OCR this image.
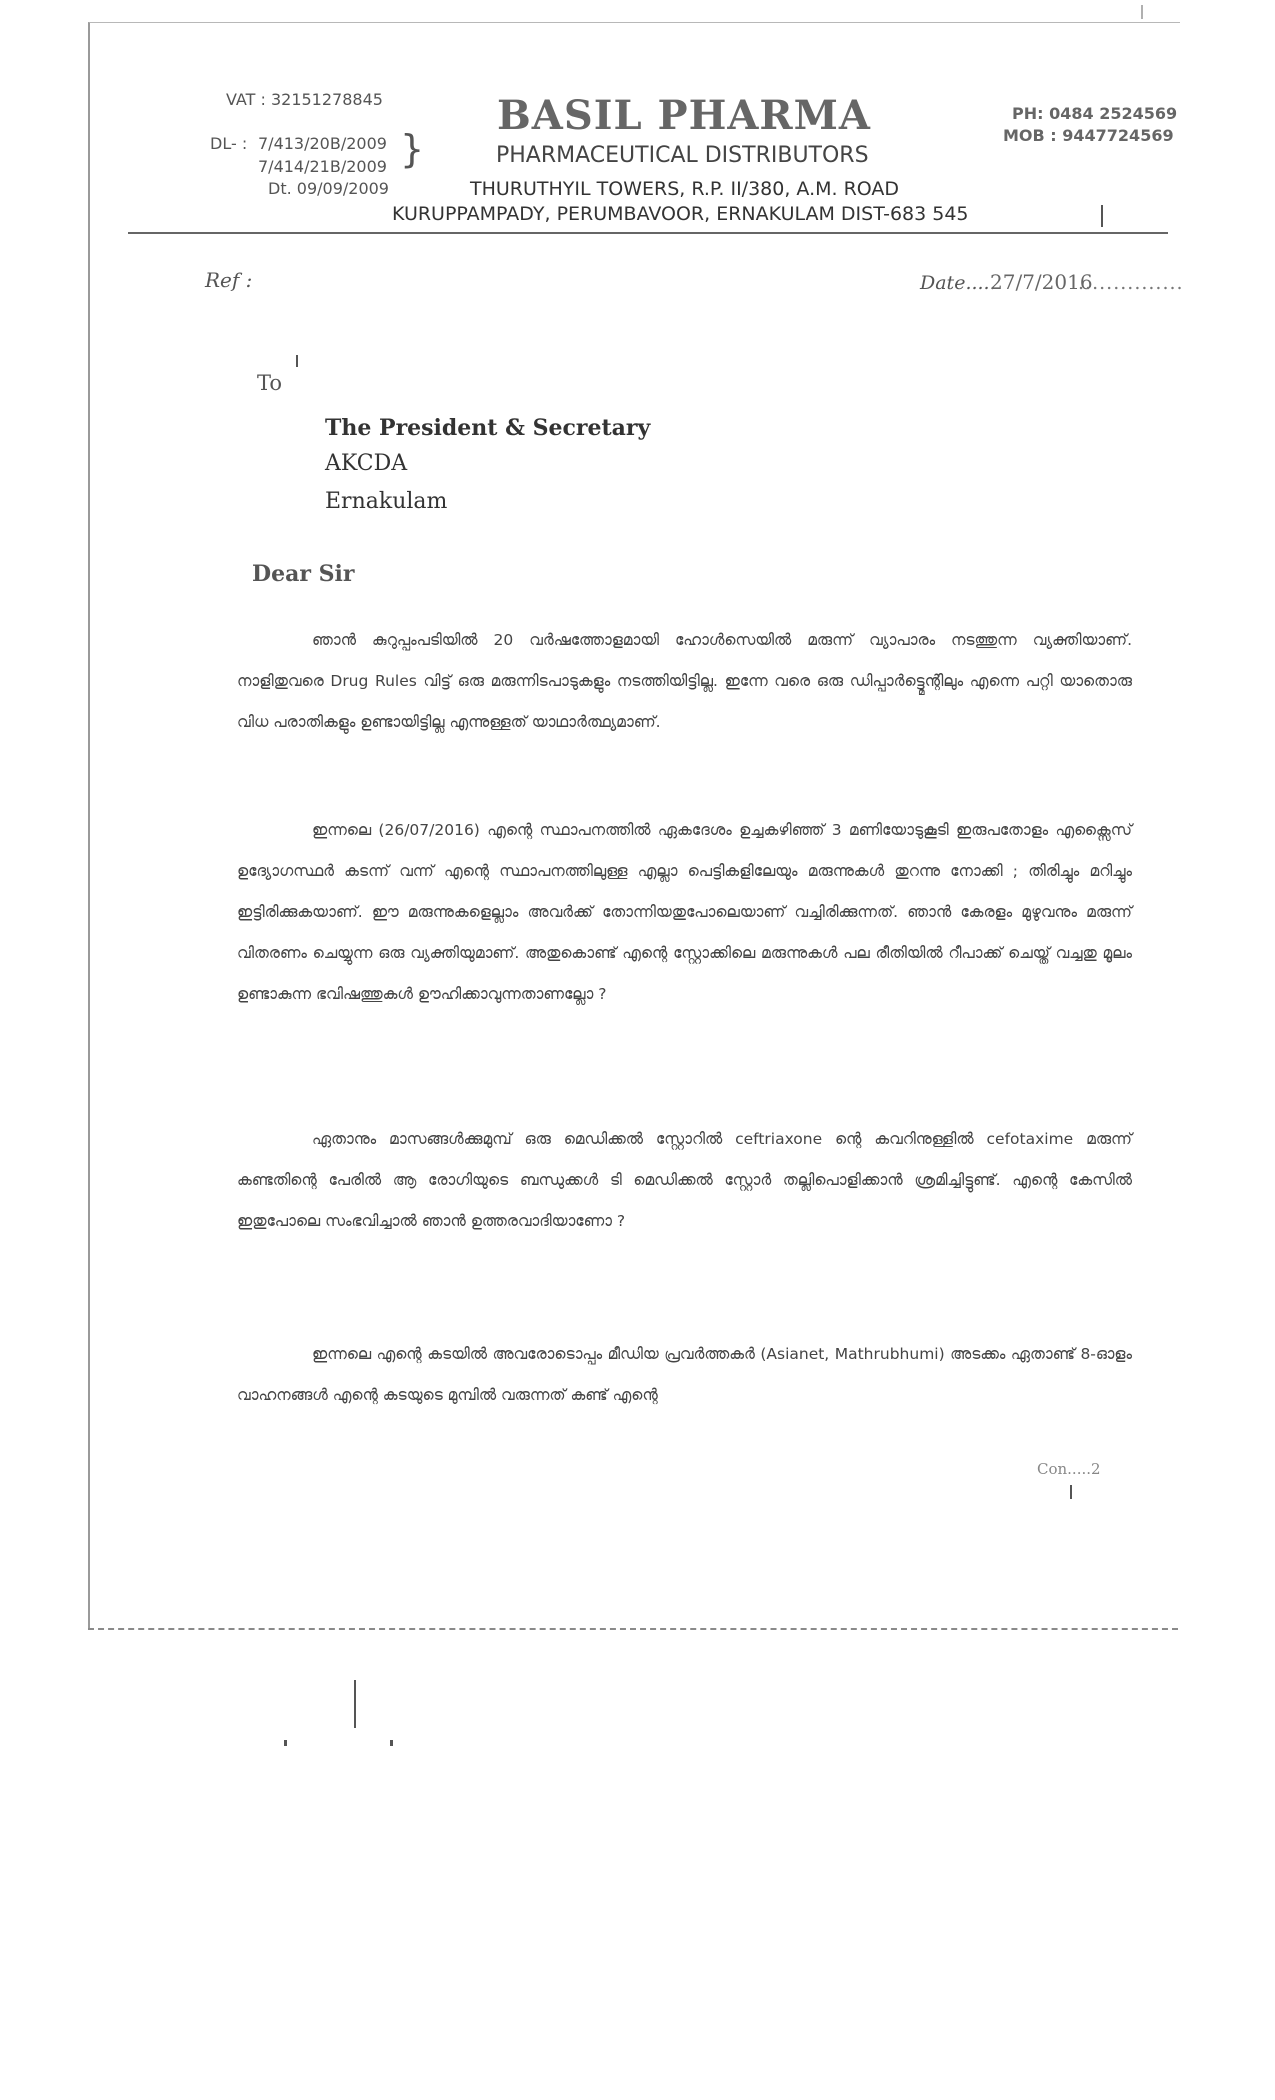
VAT : 32151278845
DL- : 7/413/20B/2009
7/414/21B/2009
Dt. 09/09/2009
}
BASIL PHARMA
PHARMACEUTICAL DISTRIBUTORS
THURUTHYIL TOWERS, R.P. II/380, A.M. ROAD
KURUPPAMPADY, PERUMBAVOOR, ERNAKULAM DIST-683 545
PH: 0484 2524569
MOB : 9447724569
Ref :	Date.....
27/7/2016
...............
To
The President & Secretary
AKCDA
Ernakulam
Dear Sir
ഞാൻ കുറുപ്പംപടിയിൽ 20 വർഷത്തോളമായി ഹോൾസെയിൽ മരുന്ന് വ്യാപാരം നടത്തുന്ന വ്യക്തിയാണ്. നാളിതുവരെ Drug Rules വിട്ട് ഒരു മരുന്നിടപാടുകളും നടത്തിയിട്ടില്ല. ഇന്നേ വരെ ഒരു ഡിപ്പാർട്ട്മെന്റിലും എന്നെ പറ്റി യാതൊരു വിധ പരാതികളും ഉണ്ടായിട്ടില്ല എന്നുള്ളത് യാഥാർത്ഥ്യമാണ്.
ഇന്നലെ (26/07/2016) എന്റെ സ്ഥാപനത്തിൽ ഏകദേശം ഉച്ചകഴിഞ്ഞ് 3 മണിയോടുകൂടി ഇരുപതോളം എക്സൈസ് ഉദ്യോഗസ്ഥർ കടന്ന് വന്ന് എന്റെ സ്ഥാപനത്തിലുള്ള എല്ലാ പെട്ടികളിലേയും മരുന്നുകൾ തുറന്നു നോക്കി ; തിരിച്ചും മറിച്ചും ഇട്ടിരിക്കുകയാണ്. ഈ മരുന്നുകളെല്ലാം അവർക്ക് തോന്നിയതുപോലെയാണ് വച്ചിരിക്കുന്നത്. ഞാൻ കേരളം മുഴുവനും മരുന്ന് വിതരണം ചെയ്യുന്ന ഒരു വ്യക്തിയുമാണ്. അതുകൊണ്ട് എന്റെ സ്റ്റോക്കിലെ മരുന്നുകൾ പല രീതിയിൽ റീപാക്ക് ചെയ്ത് വച്ചതു മൂലം ഉണ്ടാകുന്ന ഭവിഷത്തുകൾ ഊഹിക്കാവുന്നതാണല്ലോ ?
ഏതാനും മാസങ്ങൾക്കുമുമ്പ് ഒരു മെഡിക്കൽ സ്റ്റോറിൽ ceftriaxone ന്റെ കവറിനുള്ളിൽ cefotaxime മരുന്ന് കണ്ടതിന്റെ പേരിൽ ആ രോഗിയുടെ ബന്ധുക്കൾ ടി മെഡിക്കൽ സ്റ്റോർ തല്ലിപൊളിക്കാൻ ശ്രമിച്ചിട്ടുണ്ട്. എന്റെ കേസിൽ ഇതുപോലെ സംഭവിച്ചാൽ ഞാൻ ഉത്തരവാദിയാണോ ?
ഇന്നലെ എന്റെ കടയിൽ അവരോടൊപ്പം മീഡിയ പ്രവർത്തകർ (Asianet, Mathrubhumi) അടക്കം ഏതാണ്ട് 8-ഓളം വാഹനങ്ങൾ എന്റെ കടയുടെ മുമ്പിൽ വരുന്നത് കണ്ട് എന്റെ
Con.....2
